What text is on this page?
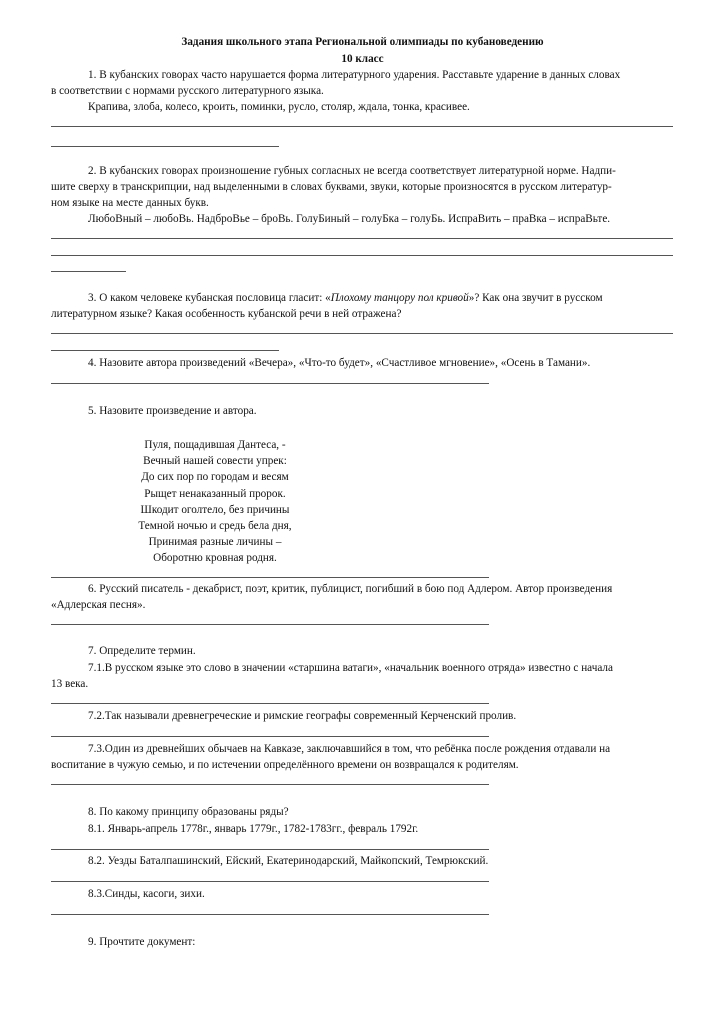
Задания школьного этапа Региональной олимпиады по кубановедению
10 класс
1. В кубанских говорах часто нарушается форма литературного ударения. Расставьте ударение в данных словах
в соответствии с нормами русского литературного языка.
Крапива, злоба, колесо, кроить, поминки, русло, столяр, ждала, тонка, красивее.
2. В кубанских говорах произношение губных согласных не всегда соответствует литературной норме. Надпи-
шите сверху в транскрипции, над выделенными в словах буквами, звуки, которые произносятся в русском литератур-
ном языке на месте данных букв.
ЛюбоВный – любоВь. НадброВье – броВь. ГолуБиный – голуБка – голуБь. ИспраВить – праВка – испраВьте.
3. О каком человеке кубанская пословица гласит: «Плохому танцору пол кривой»? Как она звучит в русском
литературном языке? Какая особенность кубанской речи в ней отражена?
4. Назовите автора произведений «Вечера», «Что-то будет», «Счастливое мгновение», «Осень в Тамани».
5. Назовите произведение и автора.
Пуля, пощадившая Дантеса, -
Вечный нашей совести упрек:
До сих пор по городам и весям
Рыщет ненаказанный пророк.
Шкодит оголтело, без причины
Темной ночью и средь бела дня,
Принимая разные личины –
Оборотню кровная родня.
6. Русский писатель - декабрист, поэт, критик, публицист, погибший в бою под Адлером. Автор произведения
«Адлерская песня».
7. Определите термин.
7.1.В русском языке это слово в значении «старшина ватаги», «начальник военного отряда» известно с начала
13 века.
7.2.Так называли древнегреческие и римские географы современный Керченский пролив.
7.3.Один из древнейших обычаев на Кавказе, заключавшийся в том, что ребёнка после рождения отдавали на
воспитание в чужую семью, и по истечении определённого времени он возвращался к родителям.
8. По какому принципу образованы ряды?
8.1. Январь-апрель 1778г., январь 1779г., 1782-1783гг., февраль 1792г.
8.2. Уезды Баталпашинский, Ейский, Екатеринодарский, Майкопский, Темрюкский.
8.3.Синды, касоги, зихи.
9. Прочтите документ:
